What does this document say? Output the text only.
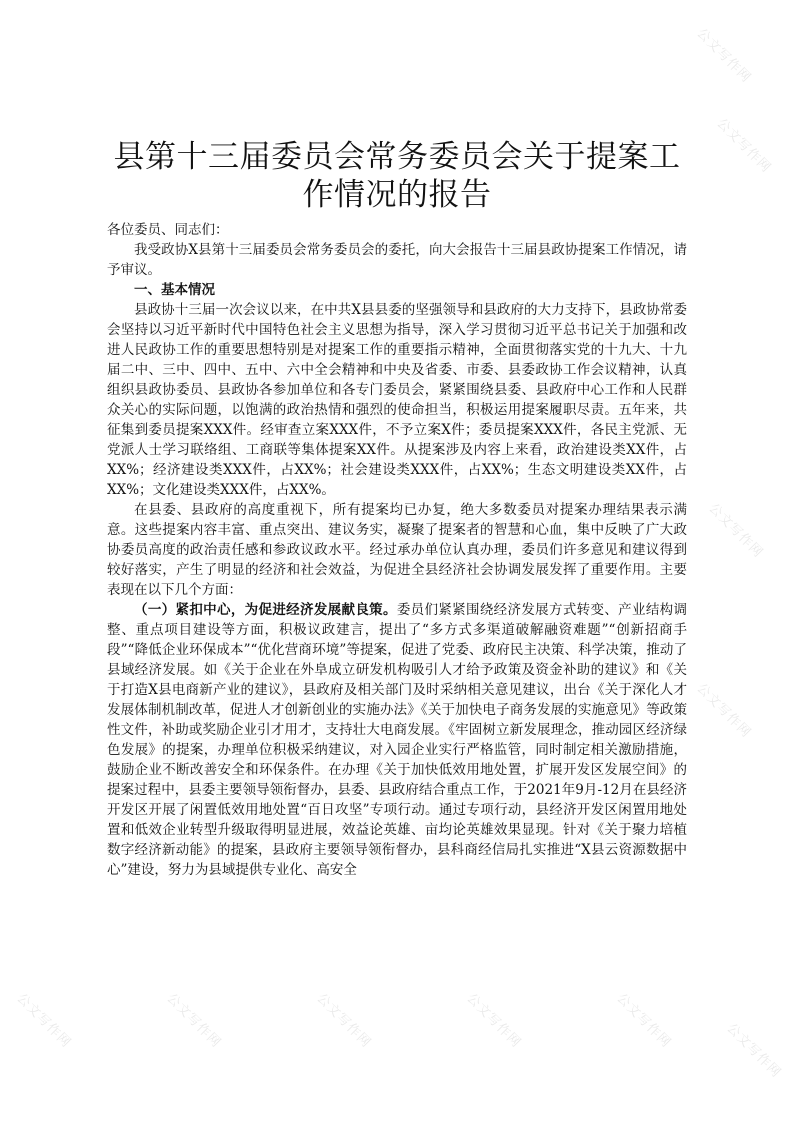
公文写作网
公文写作网
公文写作网
公文写作网
公文写作网	公文写作网	公文写作网	公文写作网	公文写作网	公文写作网
县第十三届委员会常务委员会关于提案工作情况的报告

各位委员、同志们：

我受政协X县第十三届委员会常务委员会的委托，向大会报告十三届县政协提案工作情况，请予审议。

一、基本情况

县政协十三届一次会议以来，在中共X县县委的坚强领导和县政府的大力支持下，县政协常委会坚持以习近平新时代中国特色社会主义思想为指导，深入学习贯彻习近平总书记关于加强和改进人民政协工作的重要思想特别是对提案工作的重要指示精神，全面贯彻落实党的十九大、十九届二中、三中、四中、五中、六中全会精神和中央及省委、市委、县委政协工作会议精神，认真组织县政协委员、县政协各参加单位和各专门委员会，紧紧围绕县委、县政府中心工作和人民群众关心的实际问题，以饱满的政治热情和强烈的使命担当，积极运用提案履职尽责。五年来，共征集到委员提案XXX件。经审查立案XXX件，不予立案X件；委员提案XXX件，各民主党派、无党派人士学习联络组、工商联等集体提案XX件。从提案涉及内容上来看，政治建设类XX件，占XX%；经济建设类XXX件，占XX%；社会建设类XXX件，占XX%；生态文明建设类XX件，占XX%；文化建设类XXX件，占XX%。

在县委、县政府的高度重视下，所有提案均已办复，绝大多数委员对提案办理结果表示满意。这些提案内容丰富、重点突出、建议务实，凝聚了提案者的智慧和心血，集中反映了广大政协委员高度的政治责任感和参政议政水平。经过承办单位认真办理，委员们许多意见和建议得到较好落实，产生了明显的经济和社会效益，为促进全县经济社会协调发展发挥了重要作用。主要表现在以下几个方面：

（一）紧扣中心，为促进经济发展献良策。委员们紧紧围绕经济发展方式转变、产业结构调整、重点项目建设等方面，积极议政建言，提出了“多方式多渠道破解融资难题”“创新招商手段”“降低企业环保成本”“优化营商环境”等提案，促进了党委、政府民主决策、科学决策，推动了县域经济发展。如《关于企业在外阜成立研发机构吸引人才给予政策及资金补助的建议》和《关于打造X县电商新产业的建议》，县政府及相关部门及时采纳相关意见建议，出台《关于深化人才发展体制机制改革，促进人才创新创业的实施办法》《关于加快电子商务发展的实施意见》等政策性文件，补助或奖励企业引才用才，支持壮大电商发展。《牢固树立新发展理念，推动园区经济绿色发展》的提案，办理单位积极采纳建议，对入园企业实行严格监管，同时制定相关激励措施，鼓励企业不断改善安全和环保条件。在办理《关于加快低效用地处置，扩展开发区发展空间》的提案过程中，县委主要领导领衔督办，县委、县政府结合重点工作，于2021年9月-12月在县经济开发区开展了闲置低效用地处置“百日攻坚”专项行动。通过专项行动，县经济开发区闲置用地处置和低效企业转型升级取得明显进展，效益论英雄、亩均论英雄效果显现。针对《关于聚力培植数字经济新动能》的提案，县政府主要领导领衔督办，县科商经信局扎实推进“X县云资源数据中心”建设，努力为县域提供专业化、高安全
